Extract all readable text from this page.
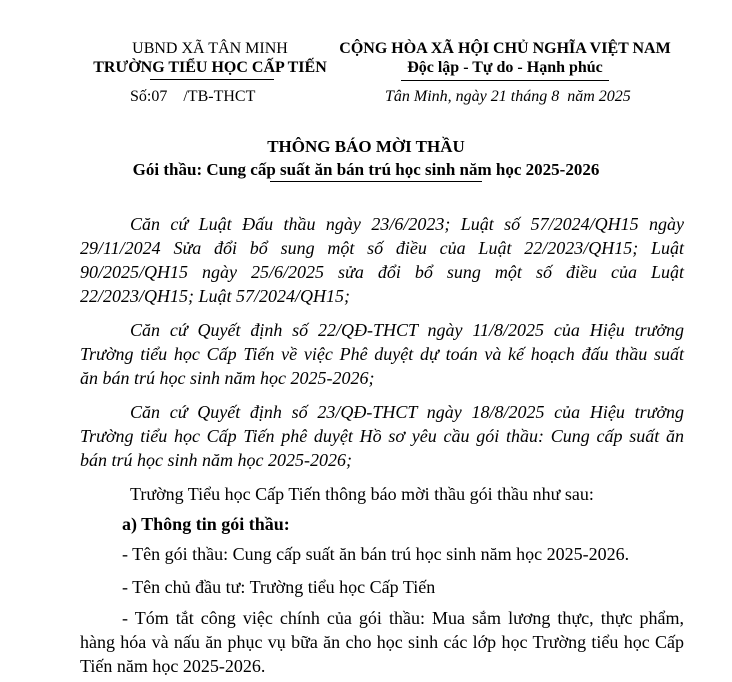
UBND XÃ TÂN MINH
TRƯỜNG TIỂU HỌC CẤP TIẾN
Số:07    /TB-THCT
CỘNG HÒA XÃ HỘI CHỦ NGHĨA VIỆT NAM
Độc lập - Tự do - Hạnh phúc
Tân Minh, ngày 21 tháng 8  năm 2025
THÔNG BÁO MỜI THẦU
Gói thầu: Cung cấp suất ăn bán trú học sinh năm học 2025-2026
Căn cứ Luật Đấu thầu ngày 23/6/2023; Luật số 57/2024/QH15 ngày
29/11/2024 Sửa đổi bổ sung một số điều của Luật 22/2023/QH15; Luật
90/2025/QH15 ngày 25/6/2025 sửa đổi bổ sung một số điều của Luật
22/2023/QH15; Luật 57/2024/QH15;
Căn cứ Quyết định số 22/QĐ-THCT ngày 11/8/2025 của Hiệu trưởng
Trường tiểu học Cấp Tiến về việc Phê duyệt dự toán và kế hoạch đấu thầu suất
ăn bán trú học sinh năm học 2025-2026;
Căn cứ Quyết định số 23/QĐ-THCT ngày 18/8/2025 của Hiệu trưởng
Trường tiểu học Cấp Tiến phê duyệt Hồ sơ yêu cầu gói thầu: Cung cấp suất ăn
bán trú học sinh năm học 2025-2026;
Trường Tiểu học Cấp Tiến thông báo mời thầu gói thầu như sau:
a) Thông tin gói thầu:
- Tên gói thầu: Cung cấp suất ăn bán trú học sinh năm học 2025-2026.
- Tên chủ đầu tư: Trường tiểu học Cấp Tiến
- Tóm tắt công việc chính của gói thầu: Mua sắm lương thực, thực phẩm,
hàng hóa và nấu ăn phục vụ bữa ăn cho học sinh các lớp học Trường tiểu học Cấp
Tiến năm học 2025-2026.
